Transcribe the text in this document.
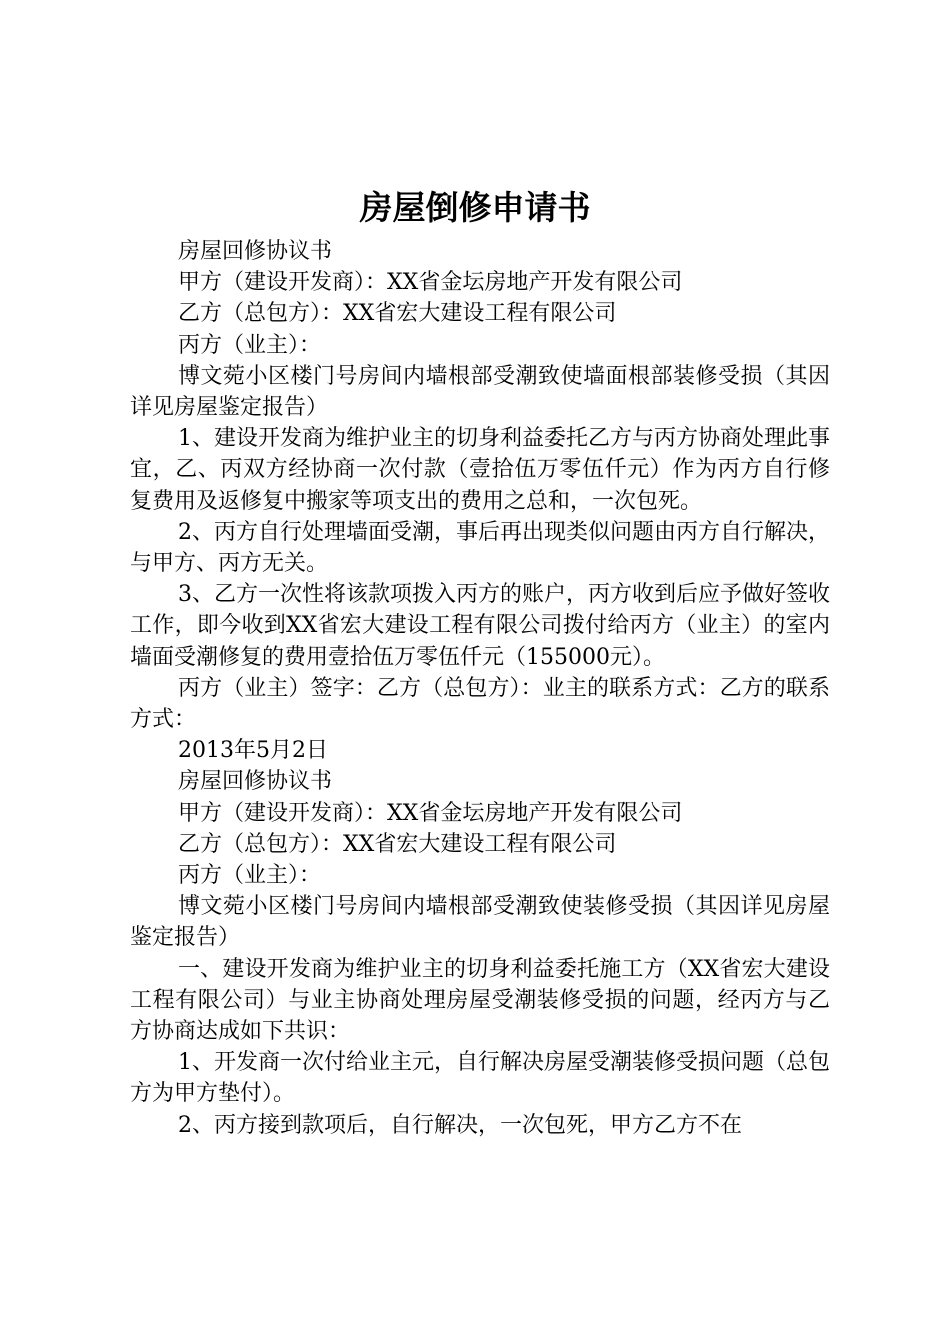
房屋倒修申请书

房屋回修协议书

甲方（建设开发商）：XX省金坛房地产开发有限公司

乙方（总包方）：XX省宏大建设工程有限公司

丙方（业主）：

博文菀小区楼门号房间内墙根部受潮致使墙面根部装修受损（其因详见房屋鉴定报告）

1、建设开发商为维护业主的切身利益委托乙方与丙方协商处理此事宜，乙、丙双方经协商一次付款（壹拾伍万零伍仟元）作为丙方自行修复费用及返修复中搬家等项支出的费用之总和，一次包死。

2、丙方自行处理墙面受潮，事后再出现类似问题由丙方自行解决，与甲方、丙方无关。

3、乙方一次性将该款项拨入丙方的账户，丙方收到后应予做好签收工作，即今收到XX省宏大建设工程有限公司拨付给丙方（业主）的室内墙面受潮修复的费用壹拾伍万零伍仟元（155000元）。

丙方（业主）签字：乙方（总包方）：业主的联系方式：乙方的联系方式：

2013年5月2日

房屋回修协议书

甲方（建设开发商）：XX省金坛房地产开发有限公司

乙方（总包方）：XX省宏大建设工程有限公司

丙方（业主）：

博文菀小区楼门号房间内墙根部受潮致使装修受损（其因详见房屋鉴定报告）

一、建设开发商为维护业主的切身利益委托施工方（XX省宏大建设工程有限公司）与业主协商处理房屋受潮装修受损的问题，经丙方与乙方协商达成如下共识：

1、开发商一次付给业主元，自行解决房屋受潮装修受损问题（总包方为甲方垫付）。

2、丙方接到款项后，自行解决，一次包死，甲方乙方不在
